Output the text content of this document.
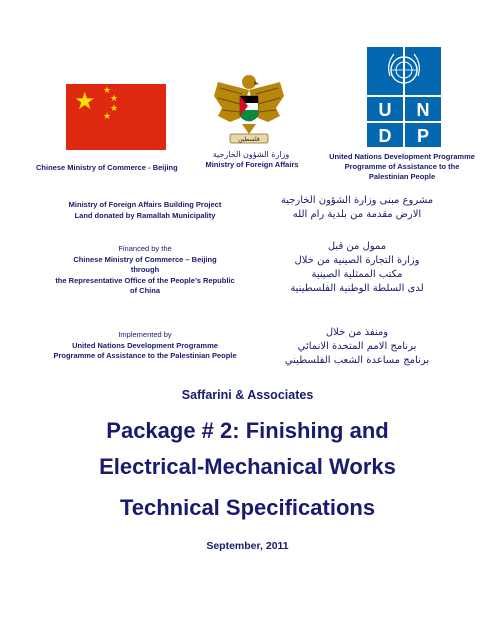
★ ★
★
★
★
Chinese Ministry of Commerce - Beijing
فلسطين
وزارة الشؤون الخارجية
Ministry of Foreign Affairs
U N
D P
United Nations Development Programme
Programme of Assistance to the
Palestinian People
Ministry of Foreign Affairs Building Project
Land donated by Ramallah Municipality
مشروع مبنى وزارة الشؤون الخارجية
الارض مقدمة من بلدية رام الله
Financed by the
Chinese Ministry of Commerce – Beijing
through
the Representative Office of the People’s Republic
of China
ممول من قبل
وزارة التجارة الصينية من خلال
مكتب الممثلية الصينية
لدى السلطة الوطنية الفلسطينية
Implemented by
United Nations Development Programme
Programme of Assistance to the Palestinian People
ومنفذ من خلال
برنامج الامم المتحدة الانمائي
برنامج مساعدة الشعب الفلسطيني
Saffarini & Associates
Package # 2: Finishing and
Electrical-Mechanical Works
Technical Specifications
September, 2011
